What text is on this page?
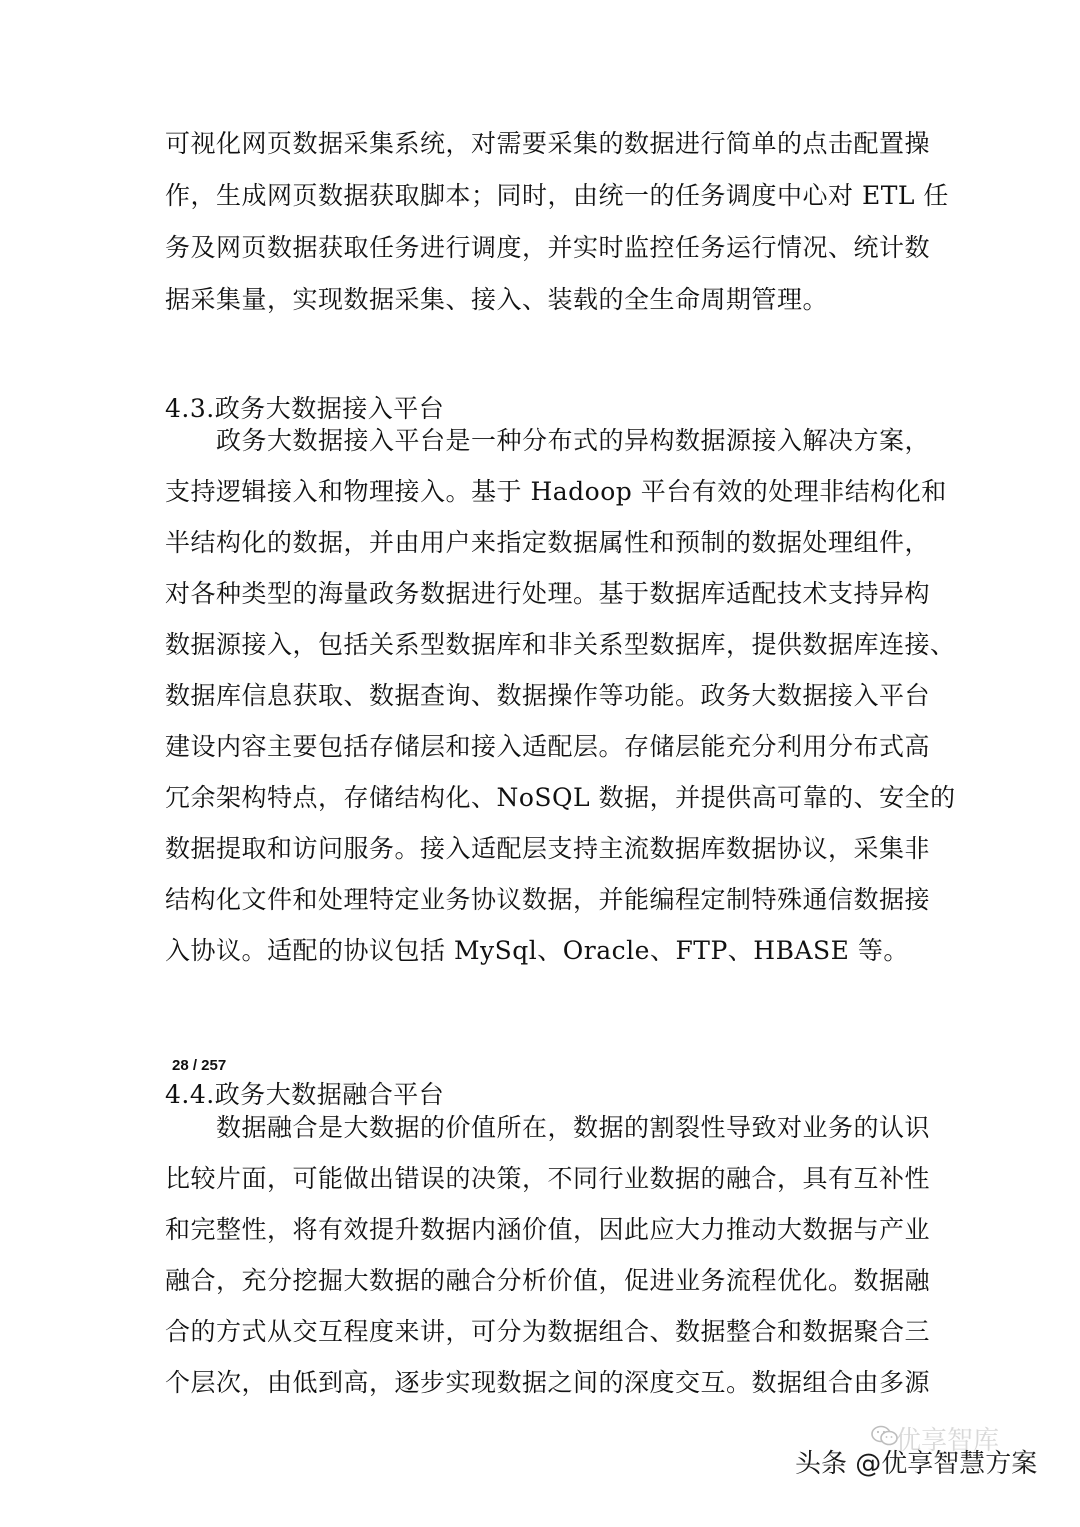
可视化网页数据采集系统，对需要采集的数据进行简单的点击配置操
作，生成网页数据获取脚本；同时，由统一的任务调度中心对 ETL 任
务及网页数据获取任务进行调度，并实时监控任务运行情况、统计数
据采集量，实现数据采集、接入、装载的全生命周期管理。
4.3.政务大数据接入平台
　　政务大数据接入平台是一种分布式的异构数据源接入解决方案，
支持逻辑接入和物理接入。基于 Hadoop 平台有效的处理非结构化和
半结构化的数据，并由用户来指定数据属性和预制的数据处理组件，
对各种类型的海量政务数据进行处理。基于数据库适配技术支持异构
数据源接入，包括关系型数据库和非关系型数据库，提供数据库连接、
数据库信息获取、数据查询、数据操作等功能。政务大数据接入平台
建设内容主要包括存储层和接入适配层。存储层能充分利用分布式高
冗余架构特点，存储结构化、NoSQL 数据，并提供高可靠的、安全的
数据提取和访问服务。接入适配层支持主流数据库数据协议，采集非
结构化文件和处理特定业务协议数据，并能编程定制特殊通信数据接
入协议。适配的协议包括 MySql、Oracle、FTP、HBASE 等。
4.4.政务大数据融合平台
　　数据融合是大数据的价值所在，数据的割裂性导致对业务的认识
比较片面，可能做出错误的决策，不同行业数据的融合，具有互补性
和完整性，将有效提升数据内涵价值，因此应大力推动大数据与产业
融合，充分挖掘大数据的融合分析价值，促进业务流程优化。数据融
合的方式从交互程度来讲，可分为数据组合、数据整合和数据聚合三
个层次，由低到高，逐步实现数据之间的深度交互。数据组合由多源
28 / 257
优享智库
头条 @优享智慧方案
